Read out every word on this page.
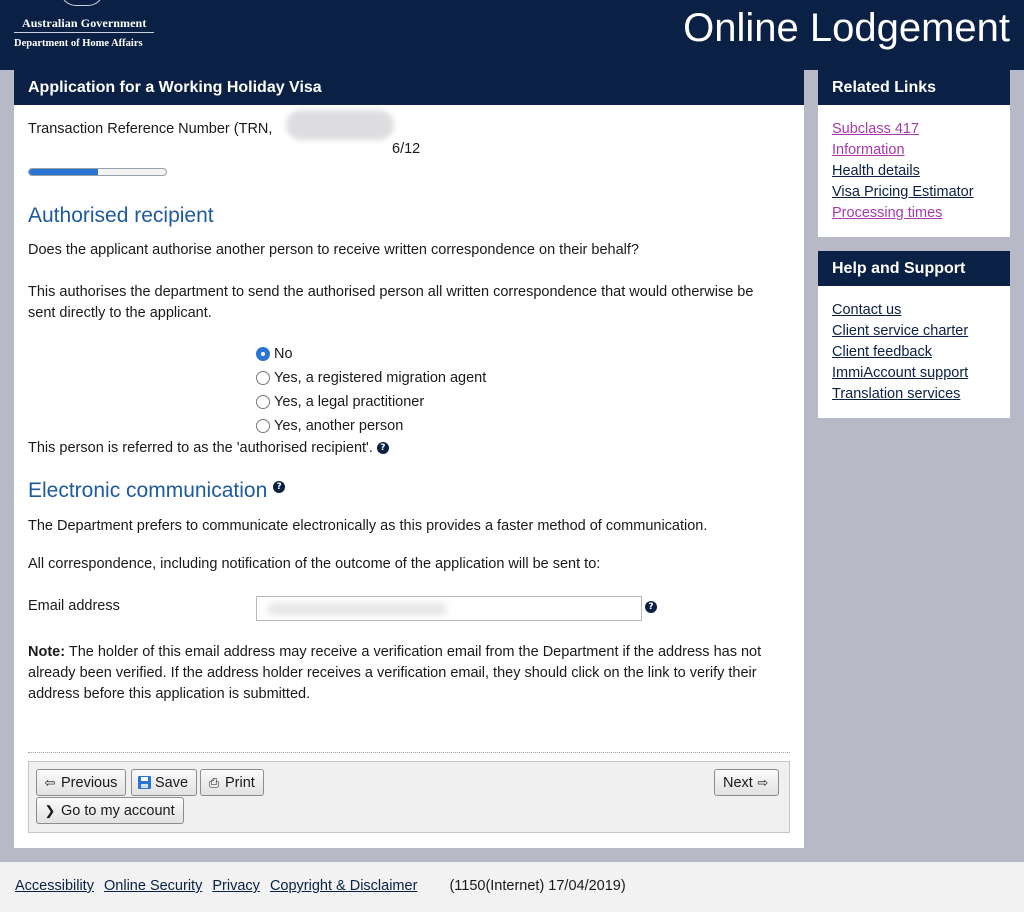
Australian Government
Department of Home Affairs	Online Lodgement
Application for a Working Holiday Visa
Transaction Reference Number (TRN,
6/12
Authorised recipient
Does the applicant authorise another person to receive written correspondence on their behalf?
This authorises the department to send the authorised person all written correspondence that would otherwise be sent directly to the applicant.
No
Yes, a registered migration agent
Yes, a legal practitioner
Yes, another person
This person is referred to as the 'authorised recipient'. ?
Electronic communication ?
The Department prefers to communicate electronically as this provides a faster method of communication.
All correspondence, including notification of the outcome of the application will be sent to:
Email address	?
Note: The holder of this email address may receive a verification email from the Department if the address has not already been verified. If the address holder receives a verification email, they should click on the link to verify their address before this application is submitted.
⇦ Previous	Save ⎙ Print	Next ⇨
❯ Go to my account
Related Links
Subclass 417
Information
Health details
Visa Pricing Estimator
Processing times
Help and Support
Contact us
Client service charter
Client feedback
ImmiAccount support
Translation services
Accessibility Online Security Privacy Copyright & Disclaimer (1150(Internet) 17/04/2019)
